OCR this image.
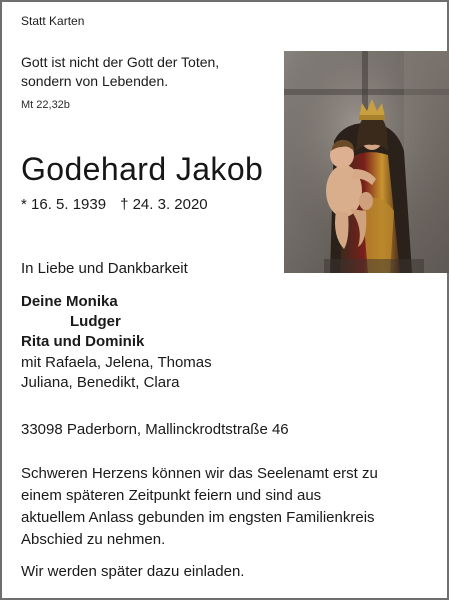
Statt Karten

Gott ist nicht der Gott der Toten,

sondern von Lebenden.

Mt 22,32b

Godehard Jakob

* 16. 5. 1939 † 24. 3. 2020

In Liebe und Dankbarkeit

Deine Monika

Ludger

Rita und Dominik

mit Rafaela, Jelena, Thomas

Juliana, Benedikt, Clara

33098 Paderborn, Mallinckrodtstraße 46

Schweren Herzens können wir das Seelenamt erst zu

einem späteren Zeitpunkt feiern und sind aus

aktuellem Anlass gebunden im engsten Familienkreis

Abschied zu nehmen.

Wir werden später dazu einladen.
